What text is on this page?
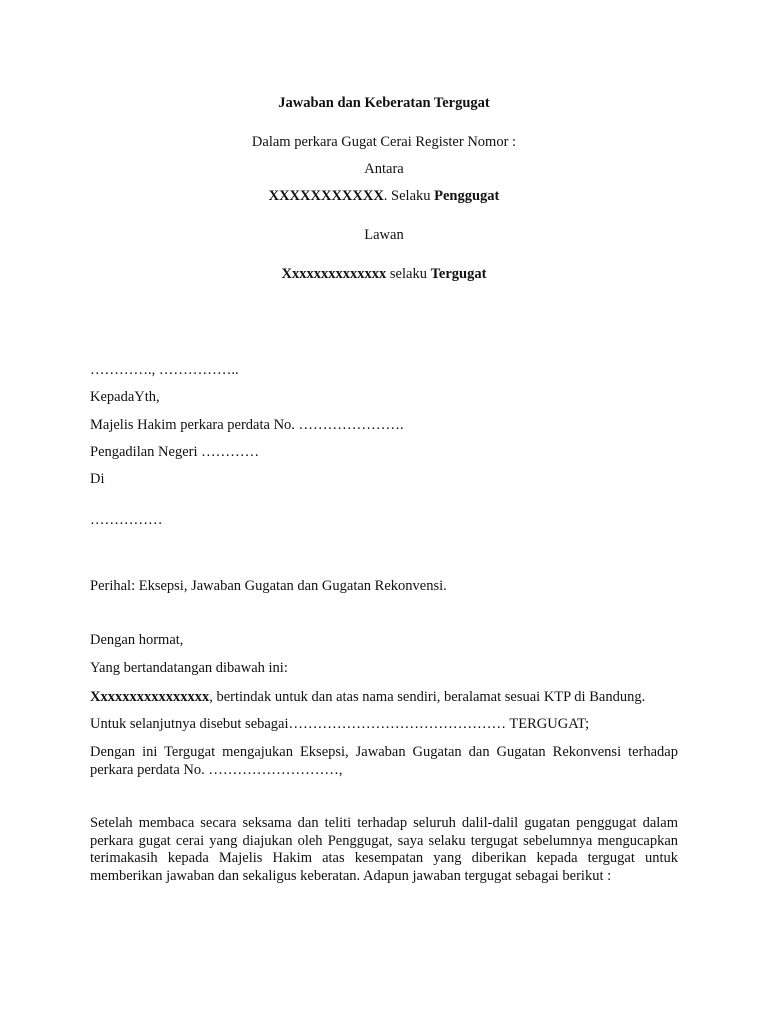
Jawaban dan Keberatan Tergugat
Dalam perkara Gugat Cerai Register Nomor :
Antara
XXXXXXXXXXX. Selaku Penggugat
Lawan
Xxxxxxxxxxxxxx selaku Tergugat
…………., ……………..
KepadaYth,
Majelis Hakim perkara perdata No. ………………….
Pengadilan Negeri …………
Di
……………
Perihal: Eksepsi, Jawaban Gugatan dan Gugatan Rekonvensi.
Dengan hormat,
Yang bertandatangan dibawah ini:
Xxxxxxxxxxxxxxxx, bertindak untuk dan atas nama sendiri, beralamat sesuai KTP di Bandung.
Untuk selanjutnya disebut sebagai……………………………………… TERGUGAT;
Dengan ini Tergugat mengajukan Eksepsi, Jawaban Gugatan dan Gugatan Rekonvensi terhadap
perkara perdata No. ………………………,
Setelah membaca secara seksama dan teliti terhadap seluruh dalil-dalil gugatan penggugat dalam perkara gugat cerai yang diajukan oleh Penggugat, saya selaku tergugat sebelumnya mengucapkan terimakasih kepada Majelis Hakim atas kesempatan yang diberikan kepada tergugat untuk memberikan jawaban dan sekaligus keberatan. Adapun jawaban tergugat sebagai berikut :
